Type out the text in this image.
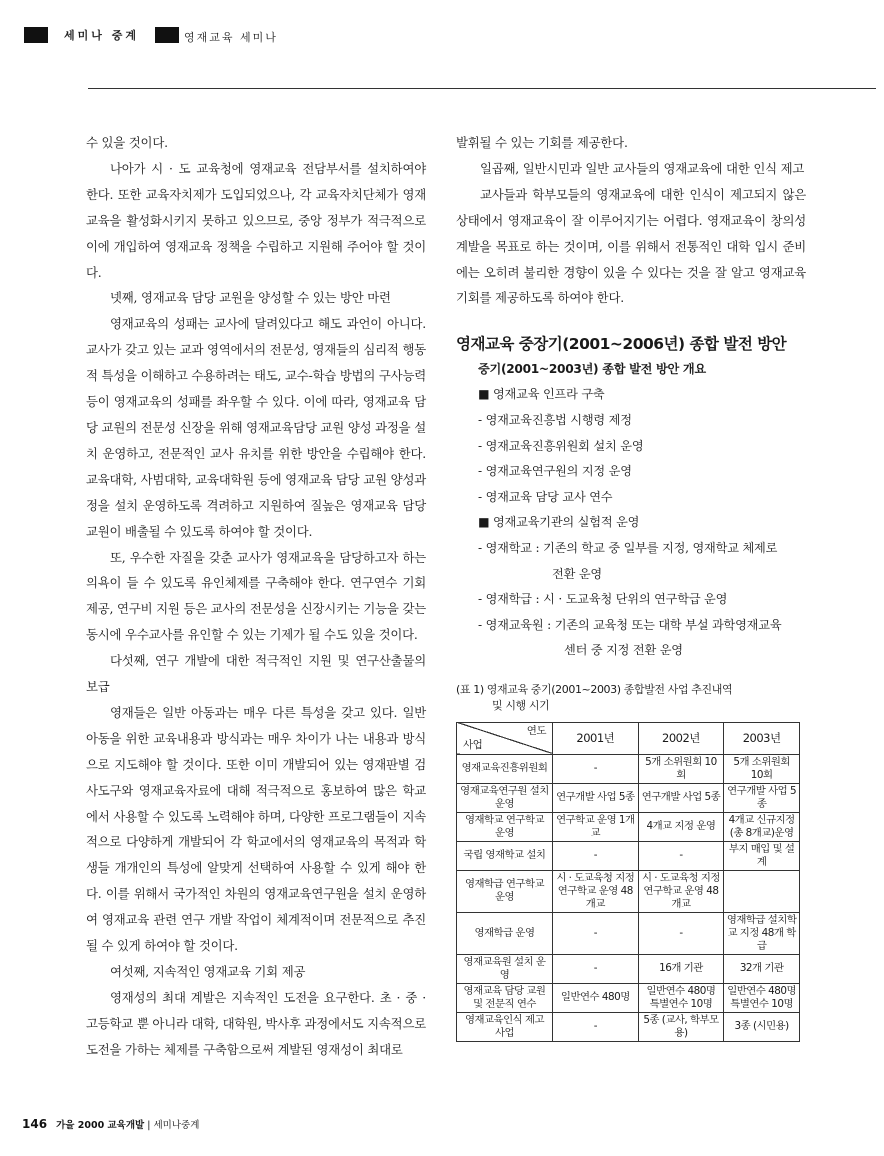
세미나 중계	영재교육 세미나

수 있을 것이다.

나아가 시 · 도 교육청에 영재교육 전담부서를 설치하여야 한다. 또한 교육자치제가 도입되었으나, 각 교육자치단체가 영재교육을 활성화시키지 못하고 있으므로, 중앙 정부가 적극적으로 이에 개입하여 영재교육 정책을 수립하고 지원해 주어야 할 것이다.

넷째, 영재교육 담당 교원을 양성할 수 있는 방안 마련

영재교육의 성패는 교사에 달려있다고 해도 과언이 아니다. 교사가 갖고 있는 교과 영역에서의 전문성, 영재들의 심리적 행동적 특성을 이해하고 수용하려는 태도, 교수-학습 방법의 구사능력 등이 영재교육의 성패를 좌우할 수 있다. 이에 따라, 영재교육 담당 교원의 전문성 신장을 위해 영재교육담당 교원 양성 과정을 설치 운영하고, 전문적인 교사 유치를 위한 방안을 수립해야 한다. 교육대학, 사범대학, 교육대학원 등에 영재교육 담당 교원 양성과정을 설치 운영하도록 격려하고 지원하여 질높은 영재교육 담당 교원이 배출될 수 있도록 하여야 할 것이다.

또, 우수한 자질을 갖춘 교사가 영재교육을 담당하고자 하는 의욕이 들 수 있도록 유인체제를 구축해야 한다. 연구연수 기회 제공, 연구비 지원 등은 교사의 전문성을 신장시키는 기능을 갖는 동시에 우수교사를 유인할 수 있는 기제가 될 수도 있을 것이다.

다섯째, 연구 개발에 대한 적극적인 지원 및 연구산출물의 보급

영재들은 일반 아동과는 매우 다른 특성을 갖고 있다. 일반 아동을 위한 교육내용과 방식과는 매우 차이가 나는 내용과 방식으로 지도해야 할 것이다. 또한 이미 개발되어 있는 영재판별 검사도구와 영재교육자료에 대해 적극적으로 홍보하여 많은 학교에서 사용할 수 있도록 노력해야 하며, 다양한 프로그램들이 지속적으로 다양하게 개발되어 각 학교에서의 영재교육의 목적과 학생들 개개인의 특성에 알맞게 선택하여 사용할 수 있게 해야 한다. 이를 위해서 국가적인 차원의 영재교육연구원을 설치 운영하여 영재교육 관련 연구 개발 작업이 체계적이며 전문적으로 추진될 수 있게 하여야 할 것이다.

여섯째, 지속적인 영재교육 기회 제공

영재성의 최대 계발은 지속적인 도전을 요구한다. 초 · 중 · 고등학교 뿐 아니라 대학, 대학원, 박사후 과정에서도 지속적으로 도전을 가하는 체제를 구축함으로써 계발된 영재성이 최대로

발휘될 수 있는 기회를 제공한다.

일곱째, 일반시민과 일반 교사들의 영재교육에 대한 인식 제고

교사들과 학부모들의 영재교육에 대한 인식이 제고되지 않은 상태에서 영재교육이 잘 이루어지기는 어렵다. 영재교육이 창의성 계발을 목표로 하는 것이며, 이를 위해서 전통적인 대학 입시 준비에는 오히려 불리한 경향이 있을 수 있다는 것을 잘 알고 영재교육 기회를 제공하도록 하여야 한다.

영재교육 중장기(2001~2006년) 종합 발전 방안
중기(2001~2003년) 종합 발전 방안 개요
■ 영재교육 인프라 구축
- 영재교육진흥법 시행령 제정
- 영재교육진흥위원회 설치 운영
- 영재교육연구원의 지정 운영
- 영재교육 담당 교사 연수
■ 영재교육기관의 실험적 운영
- 영재학교 : 기존의 학교 중 일부를 지정, 영재학교 체제로
전환 운영
- 영재학급 : 시 · 도교육청 단위의 연구학급 운영
- 영재교육원 : 기존의 교육청 또는 대학 부설 과학영재교육
센터 중 지정 전환 운영
(표 1) 영재교육 중기(2001~2003) 종합발전 사업 추진내역
및 시행 시기
연도
사업	2001년	2002년	2003년
영재교육진흥위원회	-	5개 소위원회 10회	5개 소위원회 10회
영재교육연구원 설치 운영	연구개발 사업 5종	연구개발 사업 5종	연구개발 사업 5종
영재학교 연구학교 운영	연구학교 운영 1개교	4개교 지정 운영	4개교 신규지정 (총 8개교)운영
국립 영재학교 설치	-	-	부지 매입 및 설계
영재학급 연구학교 운영	시 · 도교육청 지정 연구학교 운영 48개교	시 · 도교육청 지정 연구학교 운영 48개교	
영재학급 운영	-	-	영재학급 설치학교 지정 48개 학급
영재교육원 설치 운영	-	16개 기관	32개 기관
영재교육 담당 교원 및 전문직 연수	일반연수 480명	일반연수 480명 특별연수 10명	일반연수 480명 특별연수 10명
영재교육인식 제고 사업	-	5종 (교사, 학부모용)	3종 (시민용)
146 가을 2000 교육개발 | 세미나중계
